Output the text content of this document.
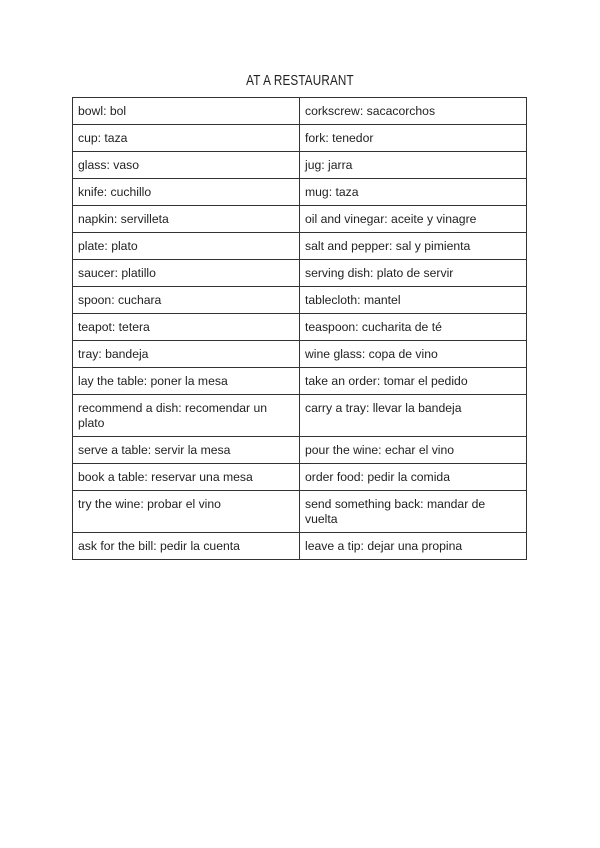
AT A RESTAURANT
bowl: bol	corkscrew: sacacorchos
cup: taza	fork: tenedor
glass: vaso	jug: jarra
knife: cuchillo	mug: taza
napkin: servilleta	oil and vinegar: aceite y vinagre
plate: plato	salt and pepper: sal y pimienta
saucer: platillo	serving dish: plato de servir
spoon: cuchara	tablecloth: mantel
teapot: tetera	teaspoon: cucharita de té
tray: bandeja	wine glass: copa de vino
lay the table: poner la mesa	take an order: tomar el pedido
recommend a dish: recomendar un plato	carry a tray: llevar la bandeja
serve a table: servir la mesa	pour the wine: echar el vino
book a table: reservar una mesa	order food: pedir la comida
try the wine: probar el vino	send something back: mandar de vuelta
ask for the bill: pedir la cuenta	leave a tip: dejar una propina
